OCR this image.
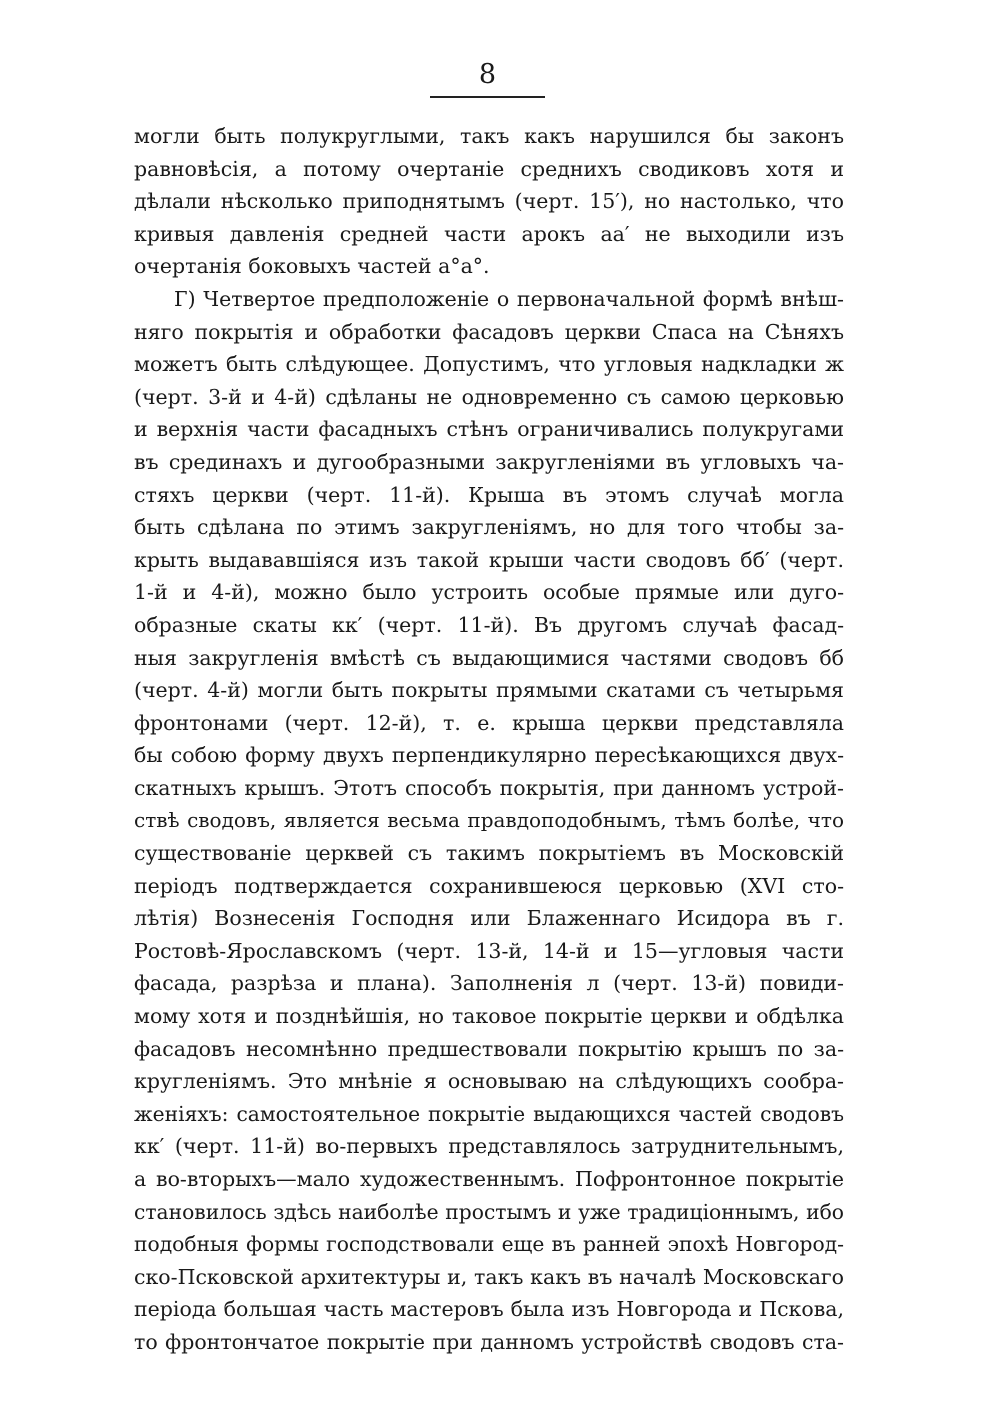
8
могли быть полукруглыми, такъ какъ нарушился бы законъ
равновѣсія, а потому очертаніе среднихъ сводиковъ хотя и
дѣлали нѣсколько приподнятымъ (черт. 15′), но настолько, что
кривыя давленія средней части арокъ aa′ не выходили изъ
очертанія боковыхъ частей a°a°.
Г) Четвертое предположеніе о первоначальной формѣ внѣш-
няго покрытія и обработки фасадовъ церкви Спаса на Сѣняхъ
можетъ быть слѣдующее. Допустимъ, что угловыя надкладки ж
(черт. 3-й и 4-й) сдѣланы не одновременно съ самою церковью
и верхнія части фасадныхъ стѣнъ ограничивались полукругами
въ срединахъ и дугообразными закругленіями въ угловыхъ ча-
стяхъ церкви (черт. 11-й). Крыша въ этомъ случаѣ могла
быть сдѣлана по этимъ закругленіямъ, но для того чтобы за-
крыть выдававшіяся изъ такой крыши части сводовъ бб′ (черт.
1-й и 4-й), можно было устроить особые прямые или дуго-
образные скаты кк′ (черт. 11-й). Въ другомъ случаѣ фасад-
ныя закругленія вмѣстѣ съ выдающимися частями сводовъ бб
(черт. 4-й) могли быть покрыты прямыми скатами съ четырьмя
фронтонами (черт. 12-й), т. е. крыша церкви представляла
бы собою форму двухъ перпендикулярно пересѣкающихся двух-
скатныхъ крышъ. Этотъ способъ покрытія, при данномъ устрой-
ствѣ сводовъ, является весьма правдоподобнымъ, тѣмъ болѣе, что
существованіе церквей съ такимъ покрытіемъ въ Московскій
періодъ подтверждается сохранившеюся церковью (XVI сто-
лѣтія) Вознесенія Господня или Блаженнаго Исидора въ г.
Ростовѣ-Ярославскомъ (черт. 13-й, 14-й и 15—угловыя части
фасада, разрѣза и плана). Заполненія л (черт. 13-й) повиди-
мому хотя и позднѣйшія, но таковое покрытіе церкви и обдѣлка
фасадовъ несомнѣнно предшествовали покрытію крышъ по за-
кругленіямъ. Это мнѣніе я основываю на слѣдующихъ сообра-
женіяхъ: самостоятельное покрытіе выдающихся частей сводовъ
кк′ (черт. 11-й) во-первыхъ представлялось затруднительнымъ,
а во-вторыхъ—мало художественнымъ. Пофронтонное покрытіе
становилось здѣсь наиболѣе простымъ и уже традиціоннымъ, ибо
подобныя формы господствовали еще въ ранней эпохѣ Новгород-
ско-Псковской архитектуры и, такъ какъ въ началѣ Московскаго
періода большая часть мастеровъ была изъ Новгорода и Пскова,
то фронтончатое покрытіе при данномъ устройствѣ сводовъ ста-
